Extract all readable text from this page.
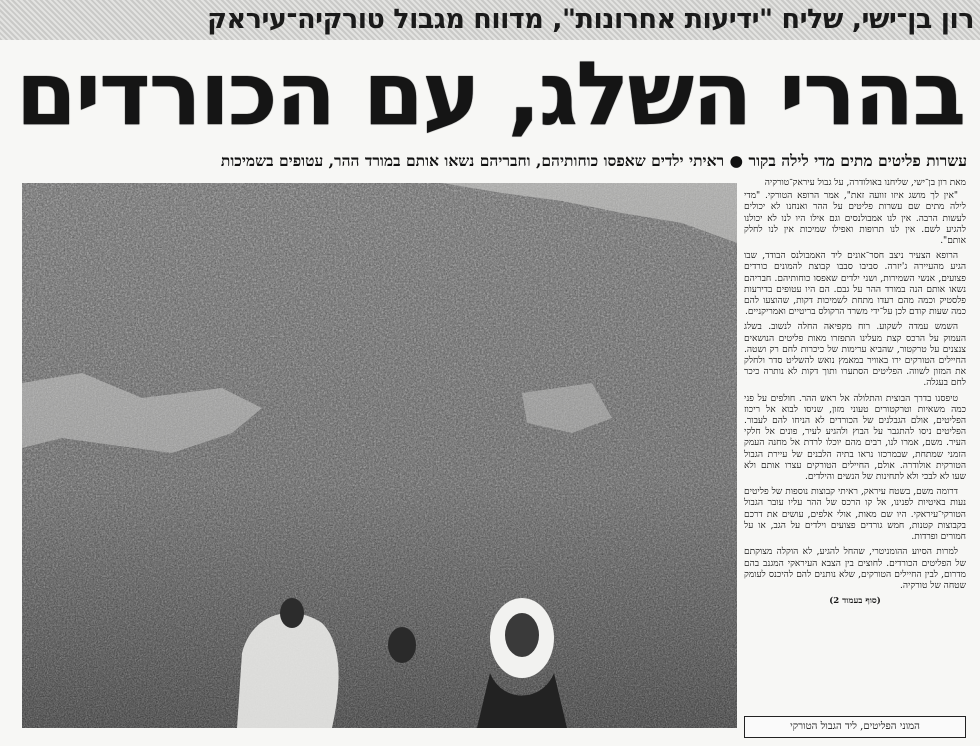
רון בן־ישי, שליח "ידיעות אחרונות", מדווח מגבול טורקיה־עיראק
בהרי השלג, עם הכורדים
עשרות פליטים מתים מדי לילה בקור ● ראיתי ילדים שאפסו כוחותיהם, וחבריהם נשאו אותם במורד ההר, עטופים בשמיכות
מאת רון בן־ישי, שליחנו באולודרה, על גבול עיראק־טורקיה

"אין לך מושג איזו זוועה זאת", אמר הרופא הטורקי. "מדי לילה מתים שם עשרות פליטים על ההר ואנחנו לא יכולים לעשות הרבה. אין לנו אמבולנסים וגם אילו היו לנו לא יכולנו להגיע לשם. אין לנו תרופות ואפילו שמיכות אין לנו לחלק אותם".

הרופא הצעיר ניצב חסר־אונים ליד האמבולנס הבודד, שבו הגיע מהעיירה ג'יזרה. סביבו סבבו קבוצת להמונים כורדים פצועים, אנשי השמירות, ושני ילדים שאפסו כוחותיהם. חבריהם נשאו אותם הנה במורד ההר על גבם. הם היו עטופים בדירעות פלסטיק וכמה מהם רעדו מתחת לשמיכות דקות, שהוצעו להם כמה שעות קודם לכן על־ידי משרד הרקולס בריטיים ואמריקניים.

השמש עמדה לשקוע. רוח מקפיאה החלה לנשוב. בשלג העמוק על הרכס קצת מעלינו התפזרו מאות פליטים הנושאים צנצנים על טרקטור, שהביא ערימות של כיכרות לחם רק ושטה. החיילים הטורקים ירו באוויר במאמץ נואש להשליט סדר ולחלק את המזון לשווה. הפליטים הסתערו ותוך דקות לא נותרה כיכר לחם בעגלה.

טיפסנו בדרך הבוצית והתלולה אל ראש ההר. חולפים על פני כמה משאיות וטרקטורים טעוני מזון, שניסו לבוא אל ריכוז הפליטים, אולם הגבלנים של הכורדים לא הניחו להם לעבור. הפליטים ניסו להתגבר על הבוץ ולהגיע לעיר, פונים אל חלקי העיר. משם, אמרו לנו, רבים מהם יוכלו לרדת אל מחנה העמק הזמני שמתחת, שבמרכזו נראו בתיה הלבנים של עיירת הגבול הטורקית אולודרה. אולם, החיילים הטורקים עצרו אותם ולא שעו לא לבכי ולא לתחינות של הנשים והילדים.

דרומה משם, בשטח עיראק, ראיתי קבוצות נוספות של פליטים נעות באיטיות לפנינו, אל קו הרכס של ההר עליו עובר הגבול הטורקי־עיראקי. היו שם מאות, אולי אלפים, עושים את דרכם בקבוצות קטנות, חמש גורדים פצועים וילדים על הגב, או על חמורים ופרדות.

למרות הסיוע ההומניטרי, שהחל להגיע, לא הוקלה מצוקתם של הפליטים הכורדים. לחוצים בין הצבא העיראקי המגנב בהם מדרום, לבין החיילים הטורקים, שלא נותנים להם להיכנס לעומק שטחה של טורקיה.

(סוף בעמוד 2)
המוני הפליטים, ליד הגבול הטורקי
